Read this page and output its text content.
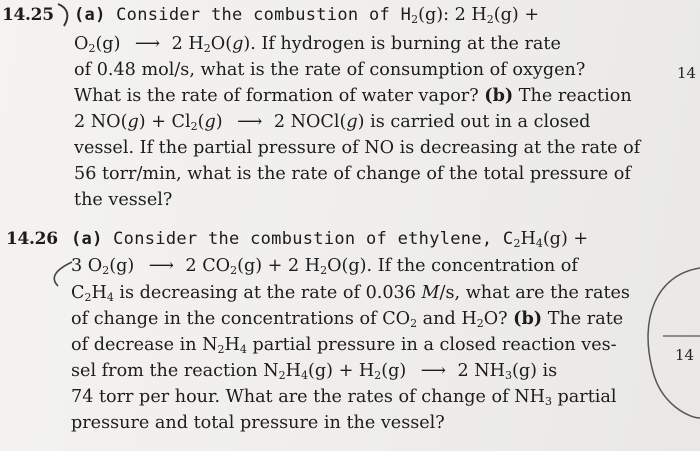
14.25 (a) Consider the combustion of $H_2(g)$: 2 $H_2(g)$ +
$O_2(g)$ ⟶ 2 $H_2O(g)$. If hydrogen is burning at the rate
of 0.48 mol/s, what is the rate of consumption of oxygen?
What is the rate of formation of water vapor? (b) The reaction
2 $NO(g) + Cl_2(g)$ ⟶ 2 NOCl(g) is carried out in a closed
vessel. If the partial pressure of NO is decreasing at the rate of
56 torr/min, what is the rate of change of the total pressure of
the vessel?
14.26 (a) Consider the combustion of ethylene, $C_2H_4(g)$ +
3 $O_2(g)$ ⟶ 2 $CO_2(g) + 2$ $H_2O(g)$. If the concentration of
$C_2H_4$ is decreasing at the rate of 0.036 M/s, what are the rates
of change in the concentrations of $CO_2$ and $H_2O$? (b) The rate
of decrease in $N_2H_4$ partial pressure in a closed reaction ves-
sel from the reaction $N_2H_4(g) + H_2(g)$ ⟶ 2 $NH_3(g)$ is
74 torr per hour. What are the rates of change of $NH_3$ partial
pressure and total pressure in the vessel?
14
14
